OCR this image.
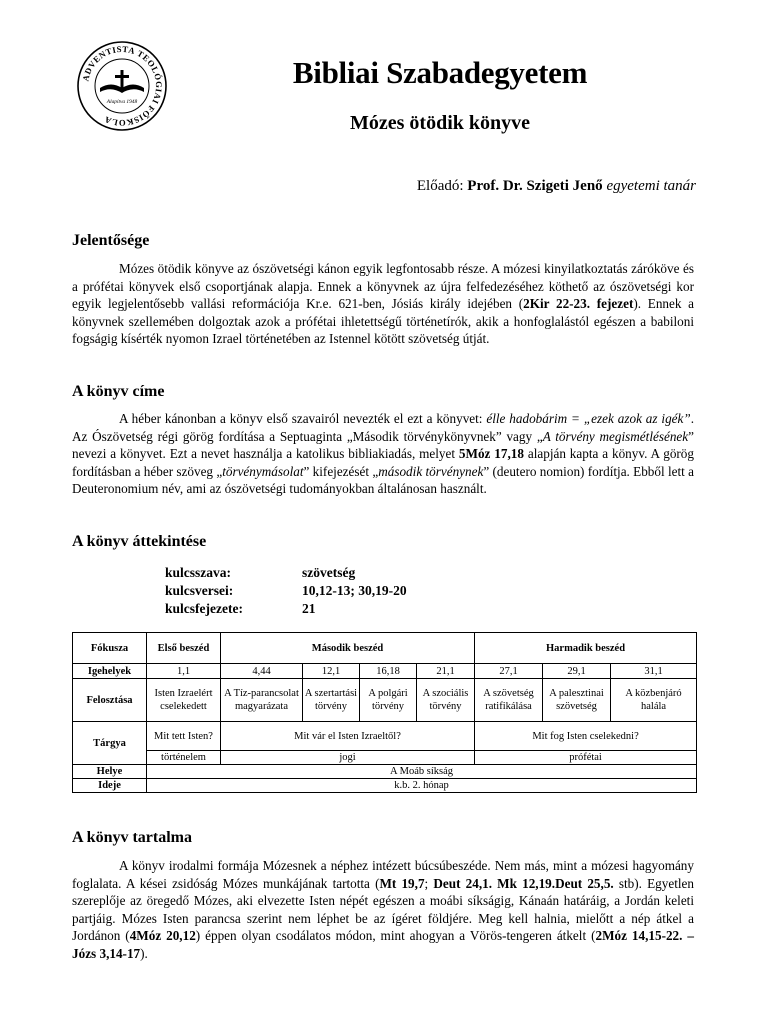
ADVENTISTA TEOLÓGIAI FŐISKOLA
Alapítva 1948
Bibliai Szabadegyetem
Mózes ötödik könyve
Előadó: Prof. Dr. Szigeti Jenő egyetemi tanár
Jelentősége

Mózes ötödik könyve az ószövetségi kánon egyik legfontosabb része. A mózesi kinyilatkoztatás záróköve és a prófétai könyvek első csoportjának alapja. Ennek a könyvnek az újra felfedezéséhez köthető az ószövetségi kor egyik legjelentősebb vallási reformációja Kr.e. 621-ben, Jósiás király idejében (2Kir 22-23. fejezet). Ennek a könyvnek szellemében dolgoztak azok a prófétai ihletettségű történetírók, akik a honfoglalástól egészen a babiloni fogságig kísérték nyomon Izrael történetében az Istennel kötött szövetség útját.

A könyv címe

A héber kánonban a könyv első szavairól nevezték el ezt a könyvet: élle hadobárim = „ezek azok az igék”. Az Ószövetség régi görög fordítása a Septuaginta „Második törvénykönyvnek” vagy „A törvény megismétlésének” nevezi a könyvet. Ezt a nevet használja a katolikus bibliakiadás, melyet 5Móz 17,18 alapján kapta a könyv. A görög fordításban a héber szöveg „törvénymásolat” kifejezését „második törvénynek” (deutero nomion) fordítja. Ebből lett a Deuteronomium név, ami az ószövetségi tudományokban általánosan használt.

A könyv áttekintése
kulcsszava:	szövetség
kulcsversei:	10,12-13; 30,19-20
kulcsfejezete:	21
Fókusza	Első beszéd	Második beszéd				Harmadik beszéd		
Igehelyek	1,1	4,44	12,1	16,18	21,1	27,1	29,1	31,1
Felosztása	Isten Izraelért cselekedett	A Tíz-parancsolat magyarázata	A szertartási törvény	A polgári törvény	A szociális törvény	A szövetség ratifikálása	A palesztinai szövetség	A közbenjáró halála
Tárgya	Mit tett Isten?	Mit vár el Isten Izraeltől?				Mit fog Isten cselekedni?		
	történelem	jogi				prófétai		
Helye	A Moáb síkság							
Ideje	k.b. 2. hónap							
A könyv tartalma

A könyv irodalmi formája Mózesnek a néphez intézett búcsúbeszéde. Nem más, mint a mózesi hagyomány foglalata. A kései zsidóság Mózes munkájának tartotta (Mt 19,7; Deut 24,1. Mk 12,19.Deut 25,5. stb). Egyetlen szereplője az öregedő Mózes, aki elvezette Isten népét egészen a moábi síkságig, Kánaán határáig, a Jordán keleti partjáig. Mózes Isten parancsa szerint nem léphet be az ígéret földjére. Meg kell halnia, mielőtt a nép átkel a Jordánon (4Móz 20,12) éppen olyan csodálatos módon, mint ahogyan a Vörös-tengeren átkelt (2Móz 14,15-22. – Józs 3,14-17).
